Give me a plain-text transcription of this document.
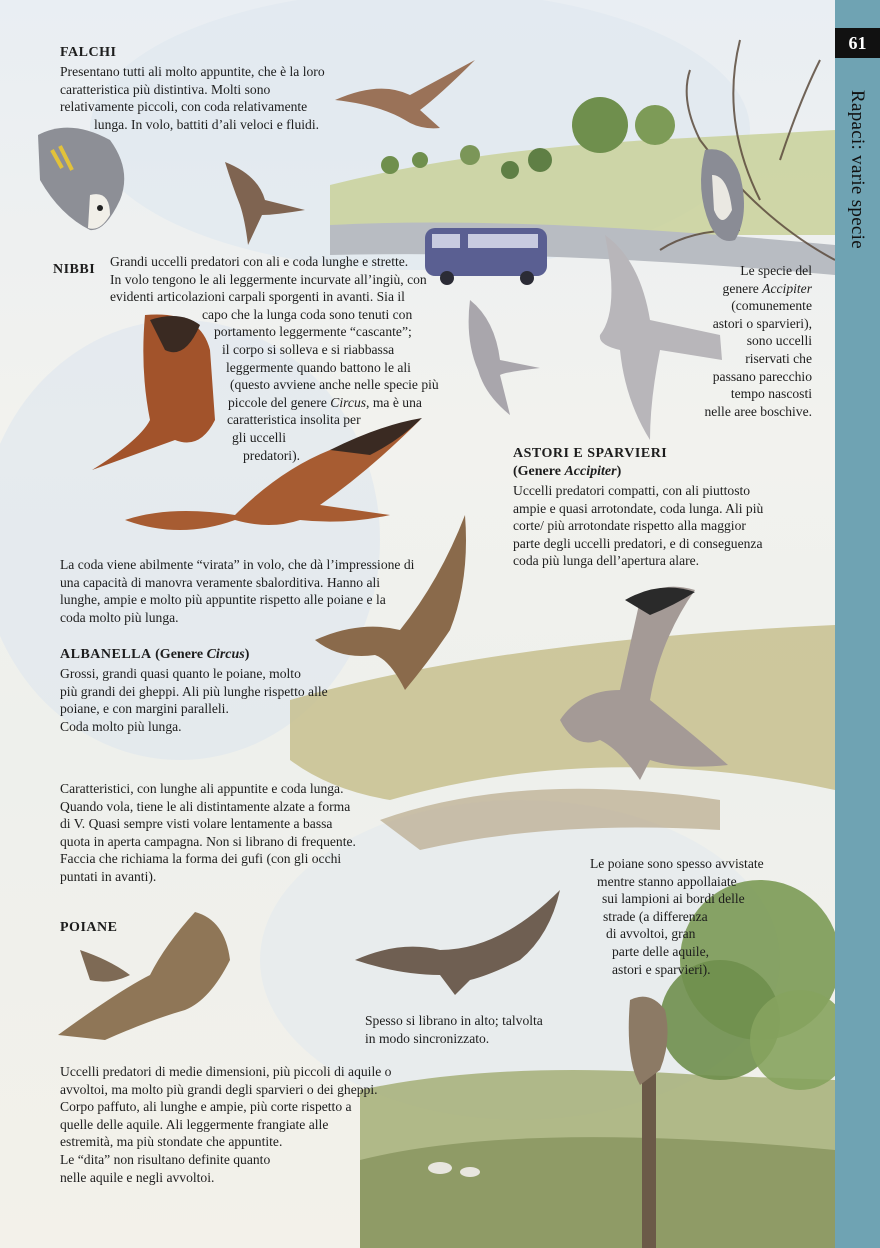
FALCHI

Presentano tutti ali molto appuntite, che è la loro
caratteristica più distintiva. Molti sono
relativamente piccoli, con coda relativamente
lunga. In volo, battiti d’ali veloci e fluidi.

NIBBI

Grandi uccelli predatori con ali e coda lunghe e strette.
In volo tengono le ali leggermente incurvate all’ingiù, con
evidenti articolazioni carpali sporgenti in avanti. Sia il
capo che la lunga coda sono tenuti con
portamento leggermente “cascante”;
il corpo si solleva e si riabbassa
leggermente quando battono le ali
(questo avviene anche nelle specie più
piccole del genere Circus, ma è una
caratteristica insolita per
gli uccelli
predatori).

La coda viene abilmente “virata” in volo, che dà l’impressione di
una capacità di manovra veramente sbalorditiva. Hanno ali
lunghe, ampie e molto più appuntite rispetto alle poiane e la
coda molto più lunga.

Le specie del
genere Accipiter
(comunemente
astori o sparvieri),
sono uccelli
riservati che
passano parecchio
tempo nascosti
nelle aree boschive.

ASTORI E SPARVIERI

(Genere Accipiter)

Uccelli predatori compatti, con ali piuttosto
ampie e quasi arrotondate, coda lunga. Ali più
corte/ più arrotondate rispetto alla maggior
parte degli uccelli predatori, e di conseguenza
coda più lunga dell’apertura alare.

ALBANELLA (Genere Circus)

Grossi, grandi quasi quanto le poiane, molto
più grandi dei gheppi. Ali più lunghe rispetto alle
poiane, e con margini paralleli.
Coda molto più lunga.

Caratteristici, con lunghe ali appuntite e coda lunga.
Quando vola, tiene le ali distintamente alzate a forma
di V. Quasi sempre visti volare lentamente a bassa
quota in aperta campagna. Non si librano di frequente.
Faccia che richiama la forma dei gufi (con gli occhi
puntati in avanti).

POIANE

Le poiane sono spesso avvistate
mentre stanno appollaiate
sui lampioni ai bordi delle
strade (a differenza
di avvoltoi, gran
parte delle aquile,
astori e sparvieri).

Spesso si librano in alto; talvolta
in modo sincronizzato.

Uccelli predatori di medie dimensioni, più piccoli di aquile o
avvoltoi, ma molto più grandi degli sparvieri o dei gheppi.
Corpo paffuto, ali lunghe e ampie, più corte rispetto a
quelle delle aquile. Ali leggermente frangiate alle
estremità, ma più stondate che appuntite.
Le “dita” non risultano definite quanto
nelle aquile e negli avvoltoi.

61
Rapaci: varie specie
